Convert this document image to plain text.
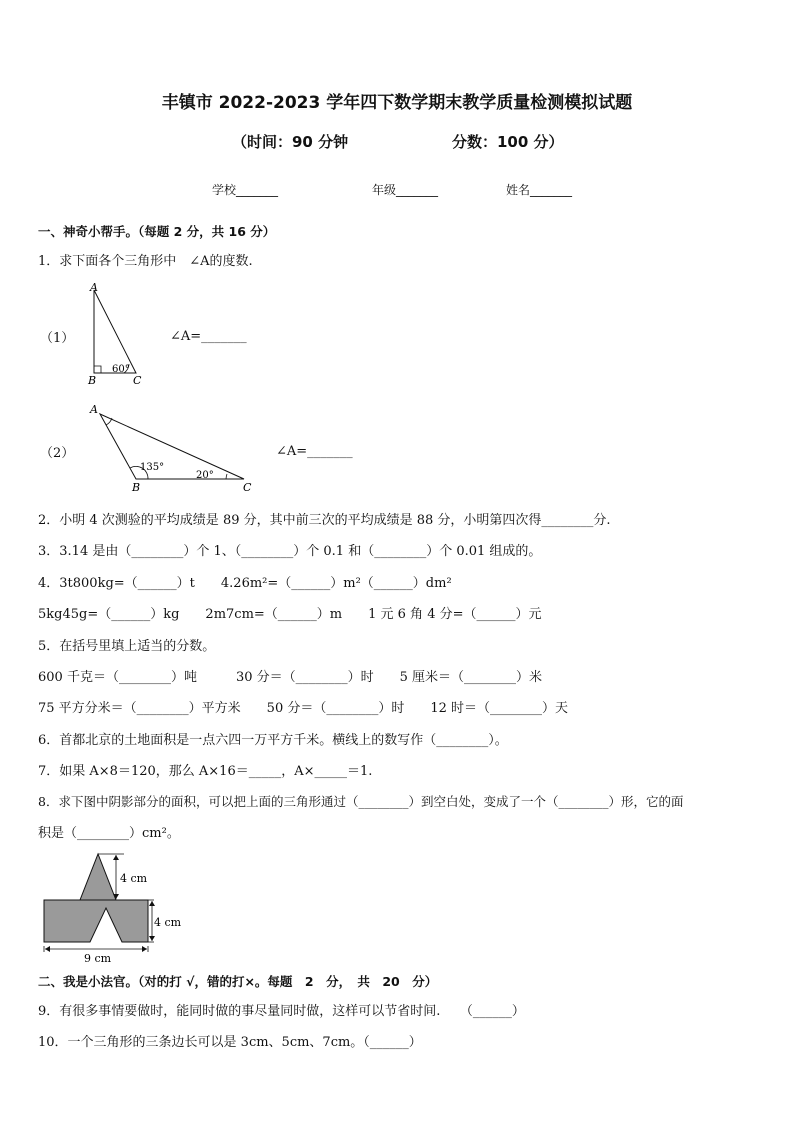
丰镇市 2022-2023 学年四下数学期末教学质量检测模拟试题
（时间：90 分钟	分数：100 分）
学校_______	年级_______	姓名_______
一、神奇小帮手。（每题 2 分，共 16 分）
1．求下面各个三角形中　∠A的度数.
（1）	∠A=_______
A
B	C
60°
（2）	∠A=_______
A
B	C
135°
20°
2．小明 4 次测验的平均成绩是 89 分，其中前三次的平均成绩是 88 分，小明第四次得________分.
3．3.14 是由（________）个 1、（________）个 0.1 和（________）个 0.01 组成的。
4．3t800kg=（______）t　　4.26m²=（______）m²（______）dm²
5kg45g=（______）kg　　2m7cm=（______）m　　1 元 6 角 4 分=（______）元
5．在括号里填上适当的分数。
600 千克＝（________）吨　　　30 分＝（________）时　　5 厘米＝（________）米
75 平方分米＝（________）平方米　　50 分＝（________）时　　12 时＝（________）天
6．首都北京的土地面积是一点六四一万平方千米。横线上的数写作（________）。
7．如果 A×8＝120，那么 A×16＝_____，A×_____＝1.
8．求下图中阴影部分的面积，可以把上面的三角形通过（________）到空白处，变成了一个（________）形，它的面
积是（________）cm²。
4 cm
4 cm
9 cm
二、我是小法官。（对的打 √，错的打×。每题　2　分，　共　20　分）
9．有很多事情要做时，能同时做的事尽量同时做，这样可以节省时间.　　（______）
10．一个三角形的三条边长可以是 3cm、5cm、7cm。（______）
